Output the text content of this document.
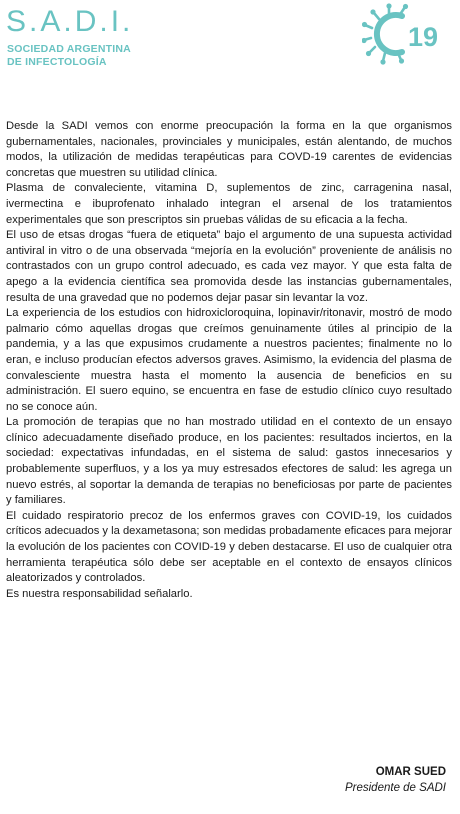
S.A.D.I.
SOCIEDAD ARGENTINA
DE INFECTOLOGÍA
19

Desde la SADI vemos con enorme preocupación la forma en la que organismos gubernamentales, nacionales, provinciales y municipales, están alentando, de muchos modos, la utilización de medidas terapéuticas para COVD-19 carentes de evidencias concretas que muestren su utilidad clínica.

Plasma de convaleciente, vitamina D, suplementos de zinc, carragenina nasal, ivermectina e ibuprofenato inhalado integran el arsenal de los tratamientos experimentales que son prescriptos sin pruebas válidas de su eficacia a la fecha.

El uso de etsas drogas “fuera de etiqueta” bajo el argumento de una supuesta actividad antiviral in vitro o de una observada “mejoría en la evolución” proveniente de análisis no contrastados con un grupo control adecuado, es cada vez mayor. Y que esta falta de apego a la evidencia científica sea promovida desde las instancias gubernamentales, resulta de una gravedad que no podemos dejar pasar sin levantar la voz.

La experiencia de los estudios con hidroxicloroquina, lopinavir/ritonavir, mostró de modo palmario cómo aquellas drogas que creímos genuinamente útiles al principio de la pandemia, y a las que expusimos crudamente a nuestros pacientes; finalmente no lo eran, e incluso producían efectos adversos graves. Asimismo, la evidencia del plasma de convalesciente muestra hasta el momento la ausencia de beneficios en su administración. El suero equino, se encuentra en fase de estudio clínico cuyo resultado no se conoce aún.

La promoción de terapias que no han mostrado utilidad en el contexto de un ensayo clínico adecuadamente diseñado produce, en los pacientes: resultados inciertos, en la sociedad: expectativas infundadas, en el sistema de salud: gastos innecesarios y probablemente superfluos, y a los ya muy estresados efectores de salud: les agrega un nuevo estrés, al soportar la demanda de terapias no beneficiosas por parte de pacientes y familiares.

El cuidado respiratorio precoz de los enfermos graves con COVID-19, los cuidados críticos adecuados y la dexametasona; son medidas probadamente eficaces para mejorar la evolución de los pacientes con COVID-19 y deben destacarse. El uso de cualquier otra herramienta terapéutica sólo debe ser aceptable en el contexto de ensayos clínicos aleatorizados y controlados.

Es nuestra responsabilidad señalarlo.

OMAR SUED
Presidente de SADI
